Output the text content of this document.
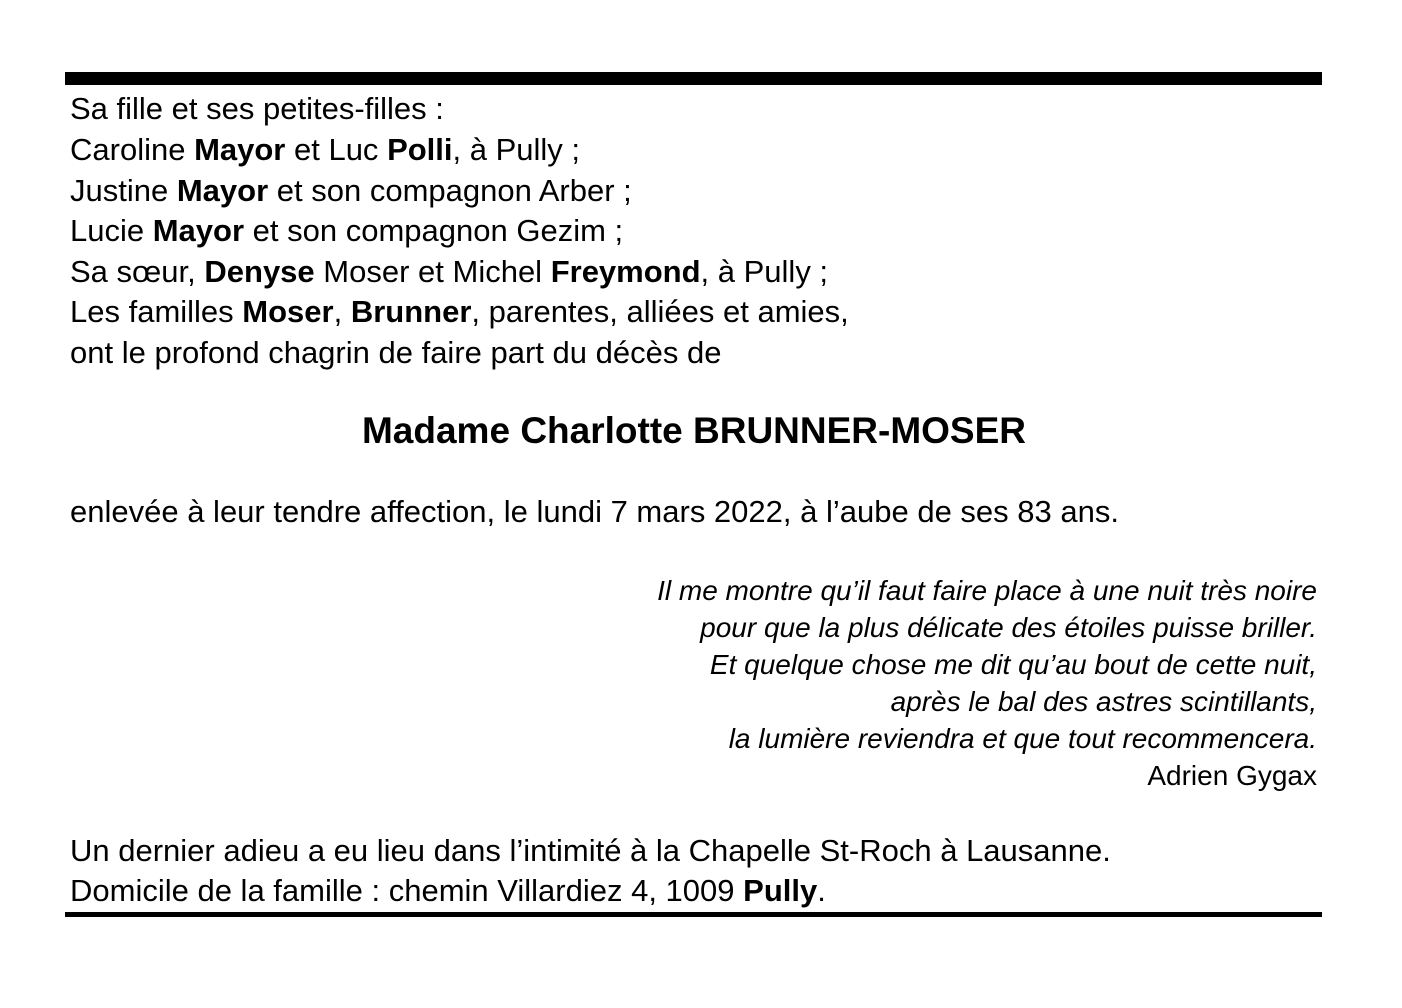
Sa fille et ses petites-filles :
Caroline Mayor et Luc Polli, à Pully ;
Justine Mayor et son compagnon Arber ;
Lucie Mayor et son compagnon Gezim ;
Sa sœur, Denyse Moser et Michel Freymond, à Pully ;
Les familles Moser, Brunner, parentes, alliées et amies,
ont le profond chagrin de faire part du décès de
Madame Charlotte BRUNNER-MOSER
enlevée à leur tendre affection, le lundi 7 mars 2022, à l’aube de ses 83 ans.
Il me montre qu’il faut faire place à une nuit très noire
pour que la plus délicate des étoiles puisse briller.
Et quelque chose me dit qu’au bout de cette nuit,
après le bal des astres scintillants,
la lumière reviendra et que tout recommencera.
Adrien Gygax
Un dernier adieu a eu lieu dans l’intimité à la Chapelle St-Roch à Lausanne.
Domicile de la famille : chemin Villardiez 4, 1009 Pully.
